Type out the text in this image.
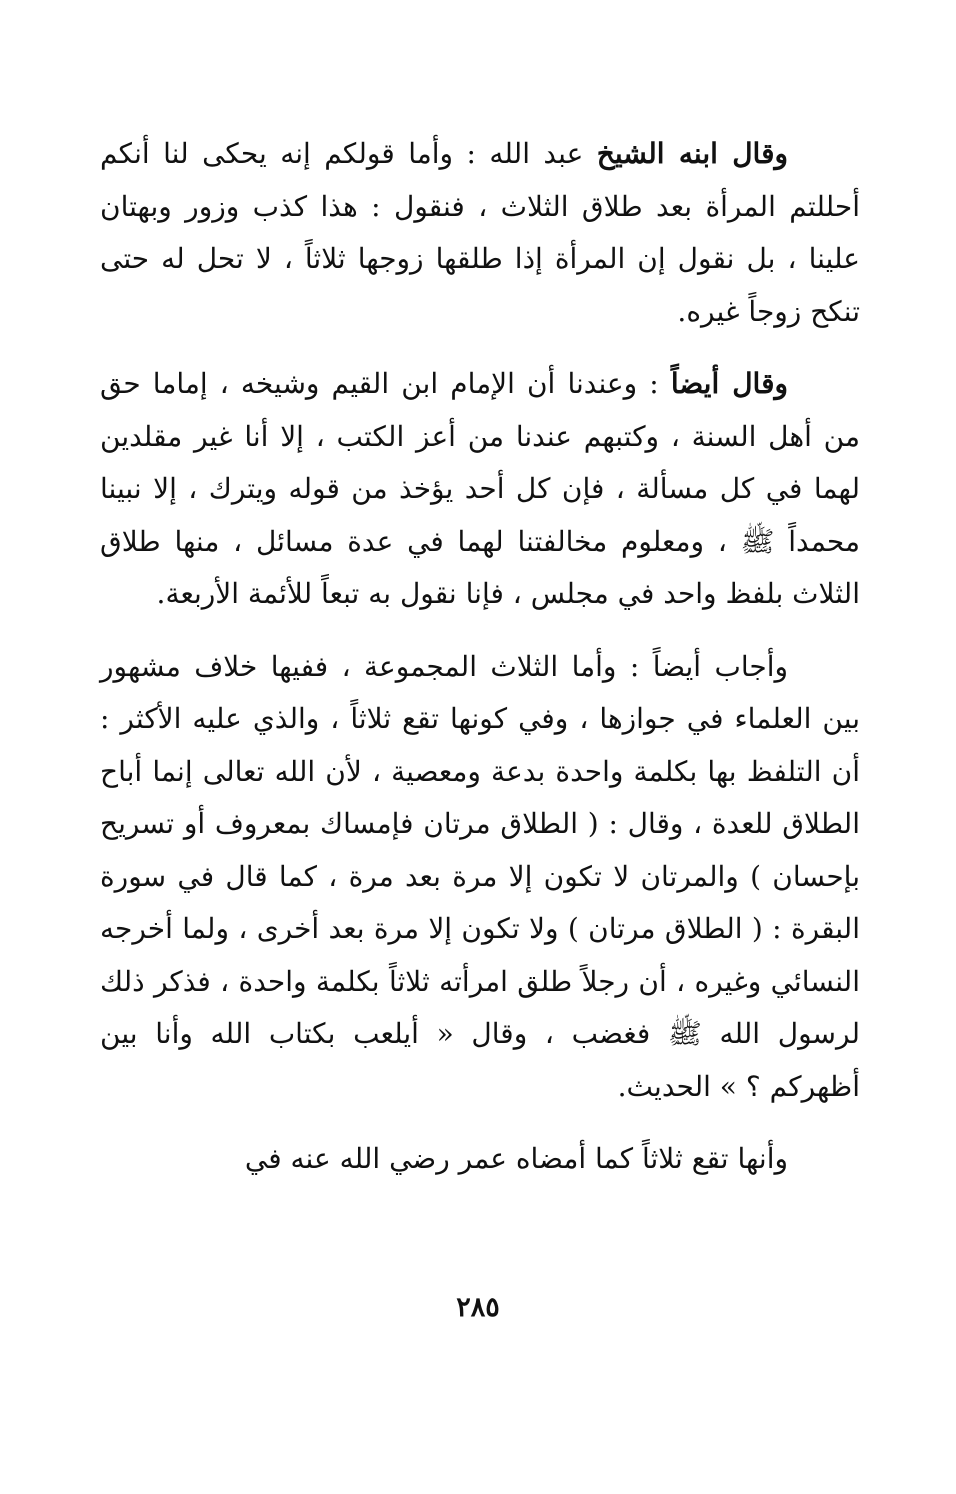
وقال ابنه الشيخ عبد الله : وأما قولكم إنه يحكى لنا أنكم أحللتم المرأة بعد طلاق الثلاث ، فنقول : هذا كذب وزور وبهتان علينا ، بل نقول إن المرأة إذا طلقها زوجها ثلاثاً ، لا تحل له حتى تنكح زوجاً غيره.

وقال أيضاً : وعندنا أن الإمام ابن القيم وشيخه ، إماما حق من أهل السنة ، وكتبهم عندنا من أعز الكتب ، إلا أنا غير مقلدين لهما في كل مسألة ، فإن كل أحد يؤخذ من قوله ويترك ، إلا نبينا محمداً ﷺ ، ومعلوم مخالفتنا لهما في عدة مسائل ، منها طلاق الثلاث بلفظ واحد في مجلس ، فإنا نقول به تبعاً للأئمة الأربعة.

وأجاب أيضاً : وأما الثلاث المجموعة ، ففيها خلاف مشهور بين العلماء في جوازها ، وفي كونها تقع ثلاثاً ، والذي عليه الأكثر : أن التلفظ بها بكلمة واحدة بدعة ومعصية ، لأن الله تعالى إنما أباح الطلاق للعدة ، وقال : ( الطلاق مرتان فإمساك بمعروف أو تسريح بإحسان ) والمرتان لا تكون إلا مرة بعد مرة ، كما قال في سورة البقرة : ( الطلاق مرتان ) ولا تكون إلا مرة بعد أخرى ، ولما أخرجه النسائي وغيره ، أن رجلاً طلق امرأته ثلاثاً بكلمة واحدة ، فذكر ذلك لرسول الله ﷺ فغضب ، وقال « أيلعب بكتاب الله وأنا بين أظهركم ؟ » الحديث.

وأنها تقع ثلاثاً كما أمضاه عمر رضي الله عنه في

٢٨٥
